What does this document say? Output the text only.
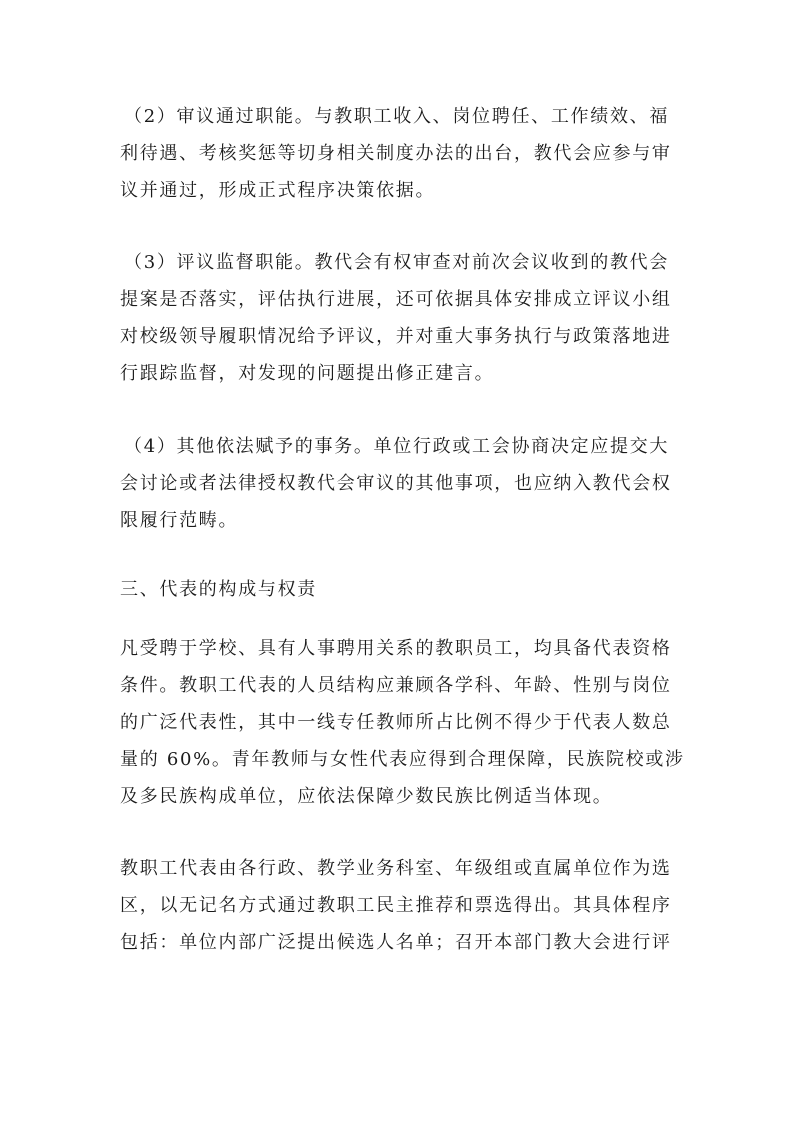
（2）审议通过职能。与教职工收入、岗位聘任、工作绩效、福
利待遇、考核奖惩等切身相关制度办法的出台，教代会应参与审
议并通过，形成正式程序决策依据。
（3）评议监督职能。教代会有权审查对前次会议收到的教代会
提案是否落实，评估执行进展，还可依据具体安排成立评议小组
对校级领导履职情况给予评议，并对重大事务执行与政策落地进
行跟踪监督，对发现的问题提出修正建言。
（4）其他依法赋予的事务。单位行政或工会协商决定应提交大
会讨论或者法律授权教代会审议的其他事项，也应纳入教代会权
限履行范畴。
三、代表的构成与权责
凡受聘于学校、具有人事聘用关系的教职员工，均具备代表资格
条件。教职工代表的人员结构应兼顾各学科、年龄、性别与岗位
的广泛代表性，其中一线专任教师所占比例不得少于代表人数总
量的 60%。青年教师与女性代表应得到合理保障，民族院校或涉
及多民族构成单位，应依法保障少数民族比例适当体现。
教职工代表由各行政、教学业务科室、年级组或直属单位作为选
区，以无记名方式通过教职工民主推荐和票选得出。其具体程序
包括：单位内部广泛提出候选人名单；召开本部门教大会进行评
